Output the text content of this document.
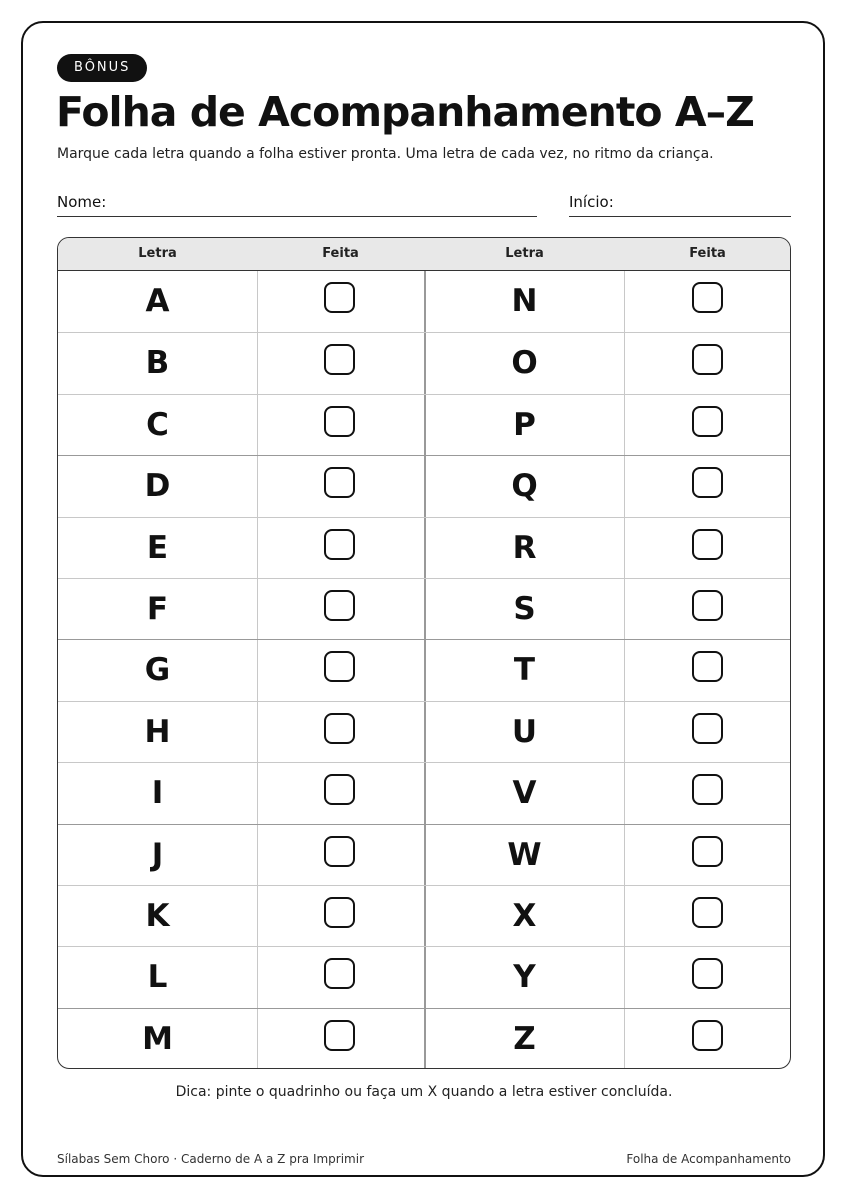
BÔNUS
Folha de Acompanhamento A–Z
Marque cada letra quando a folha estiver pronta. Uma letra de cada vez, no ritmo da criança.
Nome:	Início:
Letra	Feita	Letra	Feita
A	N
B	O
C	P
D	Q
E	R
F	S
G	T
H	U
I	V
J	W
K	X
L	Y
M	Z
Dica: pinte o quadrinho ou faça um X quando a letra estiver concluída.
Sílabas Sem Choro · Caderno de A a Z pra Imprimir	Folha de Acompanhamento
